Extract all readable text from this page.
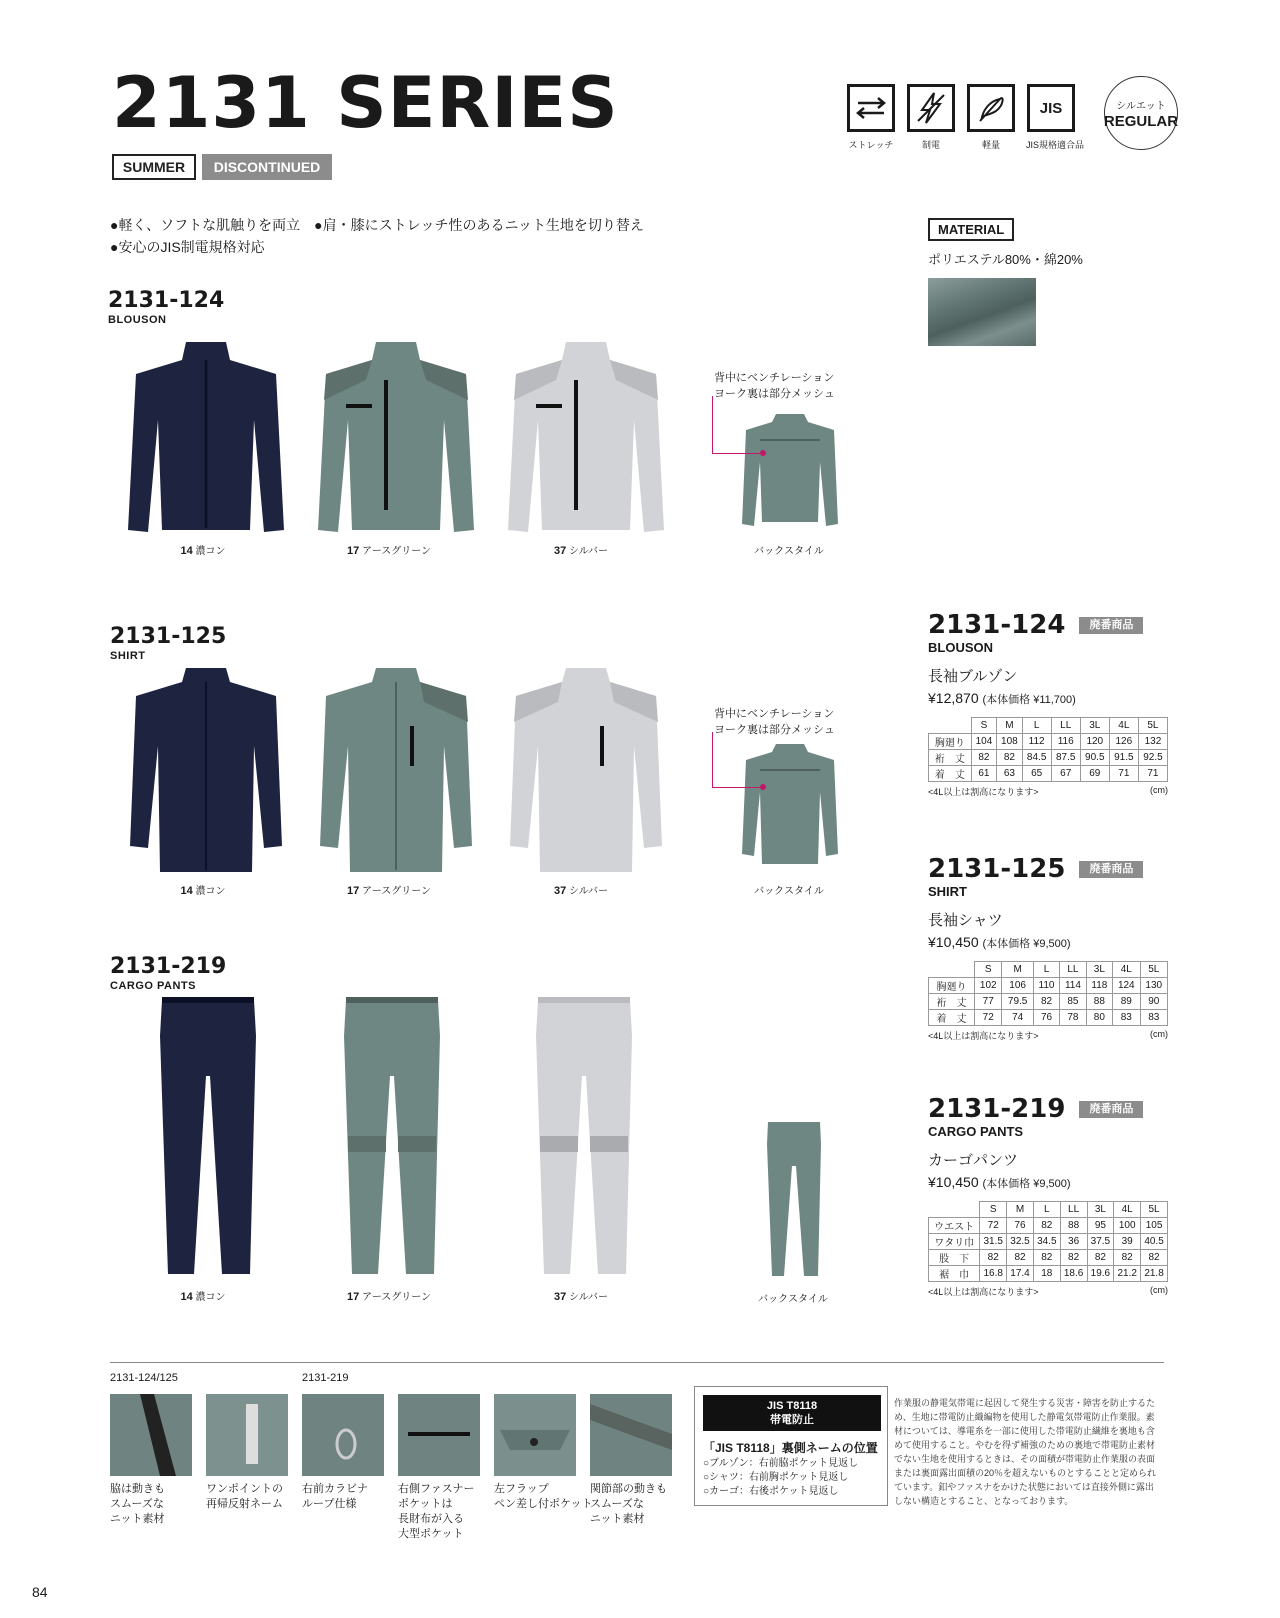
2131 SERIES
SUMMER	DISCONTINUED
ストレッチ	制電	軽量
JIS
JIS規格適合品
シルエット
REGULAR
●軽く、ソフトな肌触りを両立　●肩・膝にストレッチ性のあるニット生地を切り替え
●安心のJIS制電規格対応
MATERIAL
ポリエステル80%・綿20%
2131-124
BLOUSON
背中にベンチレーション
ヨーク裏は部分メッシュ
14 濃コン	17 アースグリーン	37 シルバー	バックスタイル
2131-125
SHIRT
背中にベンチレーション
ヨーク裏は部分メッシュ
14 濃コン	17 アースグリーン	37 シルバー	バックスタイル
2131-219
CARGO PANTS
14 濃コン	17 アースグリーン	37 シルバー	バックスタイル
2131-124	廃番商品
BLOUSON
長袖ブルゾン
¥12,870 (本体価格 ¥11,700)
	S	M	L	LL	3L	4L	5L
胸廻り	104	108	112	116	120	126	132
裄　丈	82	82	84.5	87.5	90.5	91.5	92.5
着　丈	61	63	65	67	69	71	71
<4L以上は割高になります>	(cm)
2131-125	廃番商品
SHIRT
長袖シャツ
¥10,450 (本体価格 ¥9,500)
	S	M	L	LL	3L	4L	5L
胸廻り	102	106	110	114	118	124	130
裄　丈	77	79.5	82	85	88	89	90
着　丈	72	74	76	78	80	83	83
<4L以上は割高になります>	(cm)
2131-219	廃番商品
CARGO PANTS
カーゴパンツ
¥10,450 (本体価格 ¥9,500)
	S	M	L	LL	3L	4L	5L
ウエスト	72	76	82	88	95	100	105
ワタリ巾	31.5	32.5	34.5	36	37.5	39	40.5
股　下	82	82	82	82	82	82	82
裾　巾	16.8	17.4	18	18.6	19.6	21.2	21.8
<4L以上は割高になります>	(cm)
2131-124/125	2131-219
脇は動きも
スムーズな
ニット素材
ワンポイントの
再帰反射ネーム
右前カラビナ
ループ仕様
右側ファスナー
ポケットは
長財布が入る
大型ポケット
左フラップ
ペン差し付ポケット
関節部の動きも
スムーズな
ニット素材
JIS T8118
帯電防止
「JIS T8118」裏側ネームの位置
○ブルゾン：右前脇ポケット見返し
○シャツ：右前胸ポケット見返し
○カーゴ：右後ポケット見返し
作業服の静電気帯電に起因して発生する災害・障害を防止するため、生地に帯電防止織編物を使用した静電気帯電防止作業服。素材については、導電糸を一部に使用した帯電防止繊維を裏地も含めて使用すること。やむを得ず補強のための裏地で帯電防止素材でない生地を使用するときは、その面積が帯電防止作業服の表面または裏面露出面積の20％を超えないものとすることと定められています。釦やファスナをかけた状態においては直接外側に露出しない構造とすること、となっております。
84
